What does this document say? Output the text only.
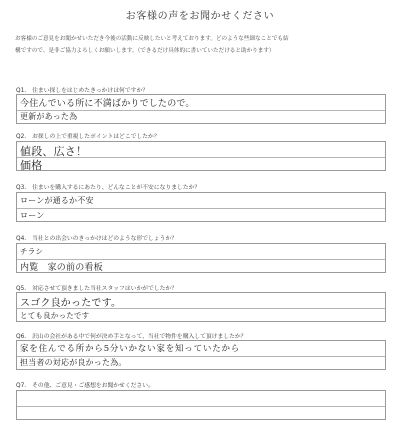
お客様の声をお聞かせください
お客様のご意見をお聞かせいただき今後の活動に反映したいと考えております。どのような些細なことでも結
構ですので、是非ご協力よろしくお願いします。（できるだけ具体的に書いていただけると助かります）
Q1. 住まい探しをはじめたきっかけは何ですか？
今住んでいる所に不満ばかりでしたので。
更新があった為
Q2. お探しの上で重視したポイントはどこでしたか？
値段、広さ！
価格
Q3. 住まいを購入するにあたり、どんなことが不安になりましたか？
ローンが通るか不安
ローン
Q4. 当社との出会いのきっかけはどのような形でしょうか？
チラシ
内覧　家の前の看板
Q5. 対応させて頂きました当社スタッフはいかがでしたか？
スゴク良かったです。
とても良かったです
Q6. 沢山の会社がある中で何が決め手となって、当社で物件を購入して頂けましたか？
家を住んでる所から5分いかない家を知っていたから
担当者の対応が良かった為。
Q7. その他、ご意見・ご感想をお聞かせください。
.
